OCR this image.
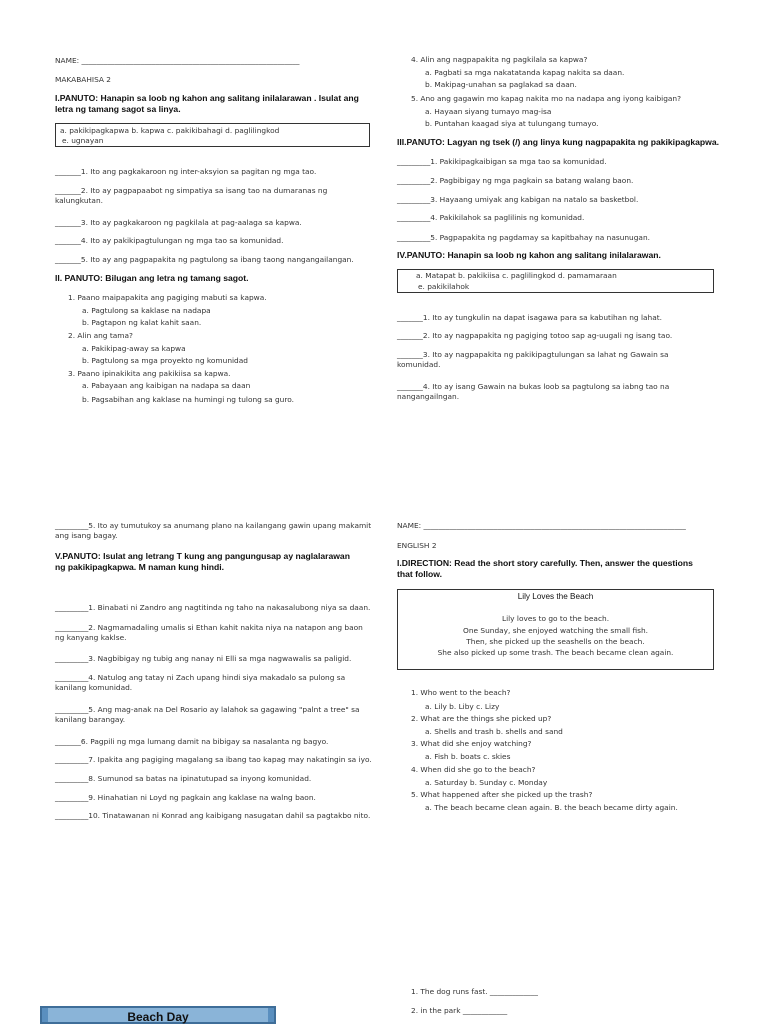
NAME: ___________________________________________________________
MAKABAHISA 2
I.PANUTO: Hanapin sa loob ng kahon ang salitang inilalarawan . Isulat ang letra ng tamang sagot sa linya.
a. pakikipagkapwa b. kapwa c. pakikibahagi d. paglilingkod
e. ugnayan
_______1. Ito ang pagkakaroon ng inter-aksyion sa pagitan ng mga tao.
_______2. Ito ay pagpapaabot ng simpatiya sa isang tao na dumaranas ng kalungkutan.
_______3. Ito ay pagkakaroon ng pagkilala at pag-aalaga sa kapwa.
_______4. Ito ay pakikipagtulungan ng mga tao sa komunidad.
_______5. Ito ay ang pagpapakita ng pagtulong sa ibang taong nangangailangan.
II. PANUTO: Bilugan ang letra ng tamang sagot.
1. Paano maipapakita ang pagiging mabuti sa kapwa.
a. Pagtulong sa kaklase na nadapa
b. Pagtapon ng kalat kahit saan.
2. Alin ang tama?
a. Pakikipag-away sa kapwa
b. Pagtulong sa mga proyekto ng komunidad
3. Paano ipinakikita ang pakikiisa sa kapwa.
a. Pabayaan ang kaibigan na nadapa sa daan
b. Pagsabihan ang kaklase na humingi ng tulong sa guro.
4. Alin ang nagpapakita ng pagkilala sa kapwa?
a. Pagbati sa mga nakatatanda kapag nakita sa daan.
b. Makipag-unahan sa paglakad sa daan.
5. Ano ang gagawin mo kapag nakita mo na nadapa ang iyong kaibigan?
a. Hayaan siyang tumayo mag-isa
b. Puntahan kaagad siya at tulungang tumayo.
III.PANUTO: Lagyan ng tsek (/) ang linya kung nagpapakita ng pakikipagkapwa.
_________1. Pakikipagkaibigan sa mga tao sa komunidad.
_________2. Pagbibigay ng mga pagkain sa batang walang baon.
_________3. Hayaang umiyak ang kabigan na natalo sa basketbol.
_________4. Pakikilahok sa paglilinis ng komunidad.
_________5. Pagpapakita ng pagdamay sa kapitbahay na nasunugan.
IV.PANUTO: Hanapin sa loob ng kahon ang salitang inilalarawan.
a. Matapat b. pakikiisa c. paglilingkod d. pamamaraan
e. pakikilahok
_______1. Ito ay tungkulin na dapat isagawa para sa kabutihan ng lahat.
_______2. Ito ay nagpapakita ng pagiging totoo sap ag-uugali ng isang tao.
_______3. Ito ay nagpapakita ng pakikipagtulungan sa lahat ng Gawain sa komunidad.
_______4. Ito ay isang Gawain na bukas loob sa pagtulong sa iabng tao na nangangailngan.
_________5. Ito ay tumutukoy sa anumang plano na kailangang gawin upang makamit ang isang bagay.
V.PANUTO: Isulat ang letrang T kung ang pangungusap ay naglalarawan ng pakikipagkapwa. M naman kung hindi.
_________1. Binabati ni Zandro ang nagtitinda ng taho na nakasalubong niya sa daan.
_________2. Nagmamadaling umalis si Ethan kahit nakita niya na natapon ang baon ng kanyang kaklse.
_________3. Nagbibigay ng tubig ang nanay ni Elli sa mga nagwawalis sa paligid.
_________4. Natulog ang tatay ni Zach upang hindi siya makadalo sa pulong sa kanilang komunidad.
_________5. Ang mag-anak na Del Rosario ay lalahok sa gagawing "palnt a tree" sa kanilang barangay.
_______6. Pagpili ng mga lumang damit na bibigay sa nasalanta ng bagyo.
_________7. Ipakita ang pagiging magalang sa ibang tao kapag may nakatingin sa iyo.
_________8. Sumunod sa batas na ipinatutupad sa inyong komunidad.
_________9. Hinahatian ni Loyd ng pagkain ang kaklase na walng baon.
_________10. Tinatawanan ni Konrad ang kaibigang nasugatan dahil sa pagtakbo nito.
Beach Day
NAME: _______________________________________________________________________
ENGLISH 2
I.DIRECTION: Read the short story carefully. Then, answer the questions that follow.
Lily Loves the Beach
Lily loves to go to the beach.
One Sunday, she enjoyed watching the small fish.
Then, she picked up the seashells on the beach.
She also picked up some trash. The beach became clean again.
1. Who went to the beach?
a. Lily b. Liby c. Lizy
2. What are the things she picked up?
a. Shells and trash b. shells and sand
3. What did she enjoy watching?
a. Fish b. boats c. skies
4. When did she go to the beach?
a. Saturday b. Sunday c. Monday
5. What happened after she picked up the trash?
a. The beach became clean again. B. the beach became dirty again.
1. The dog runs fast. _____________
2. in the park ____________
